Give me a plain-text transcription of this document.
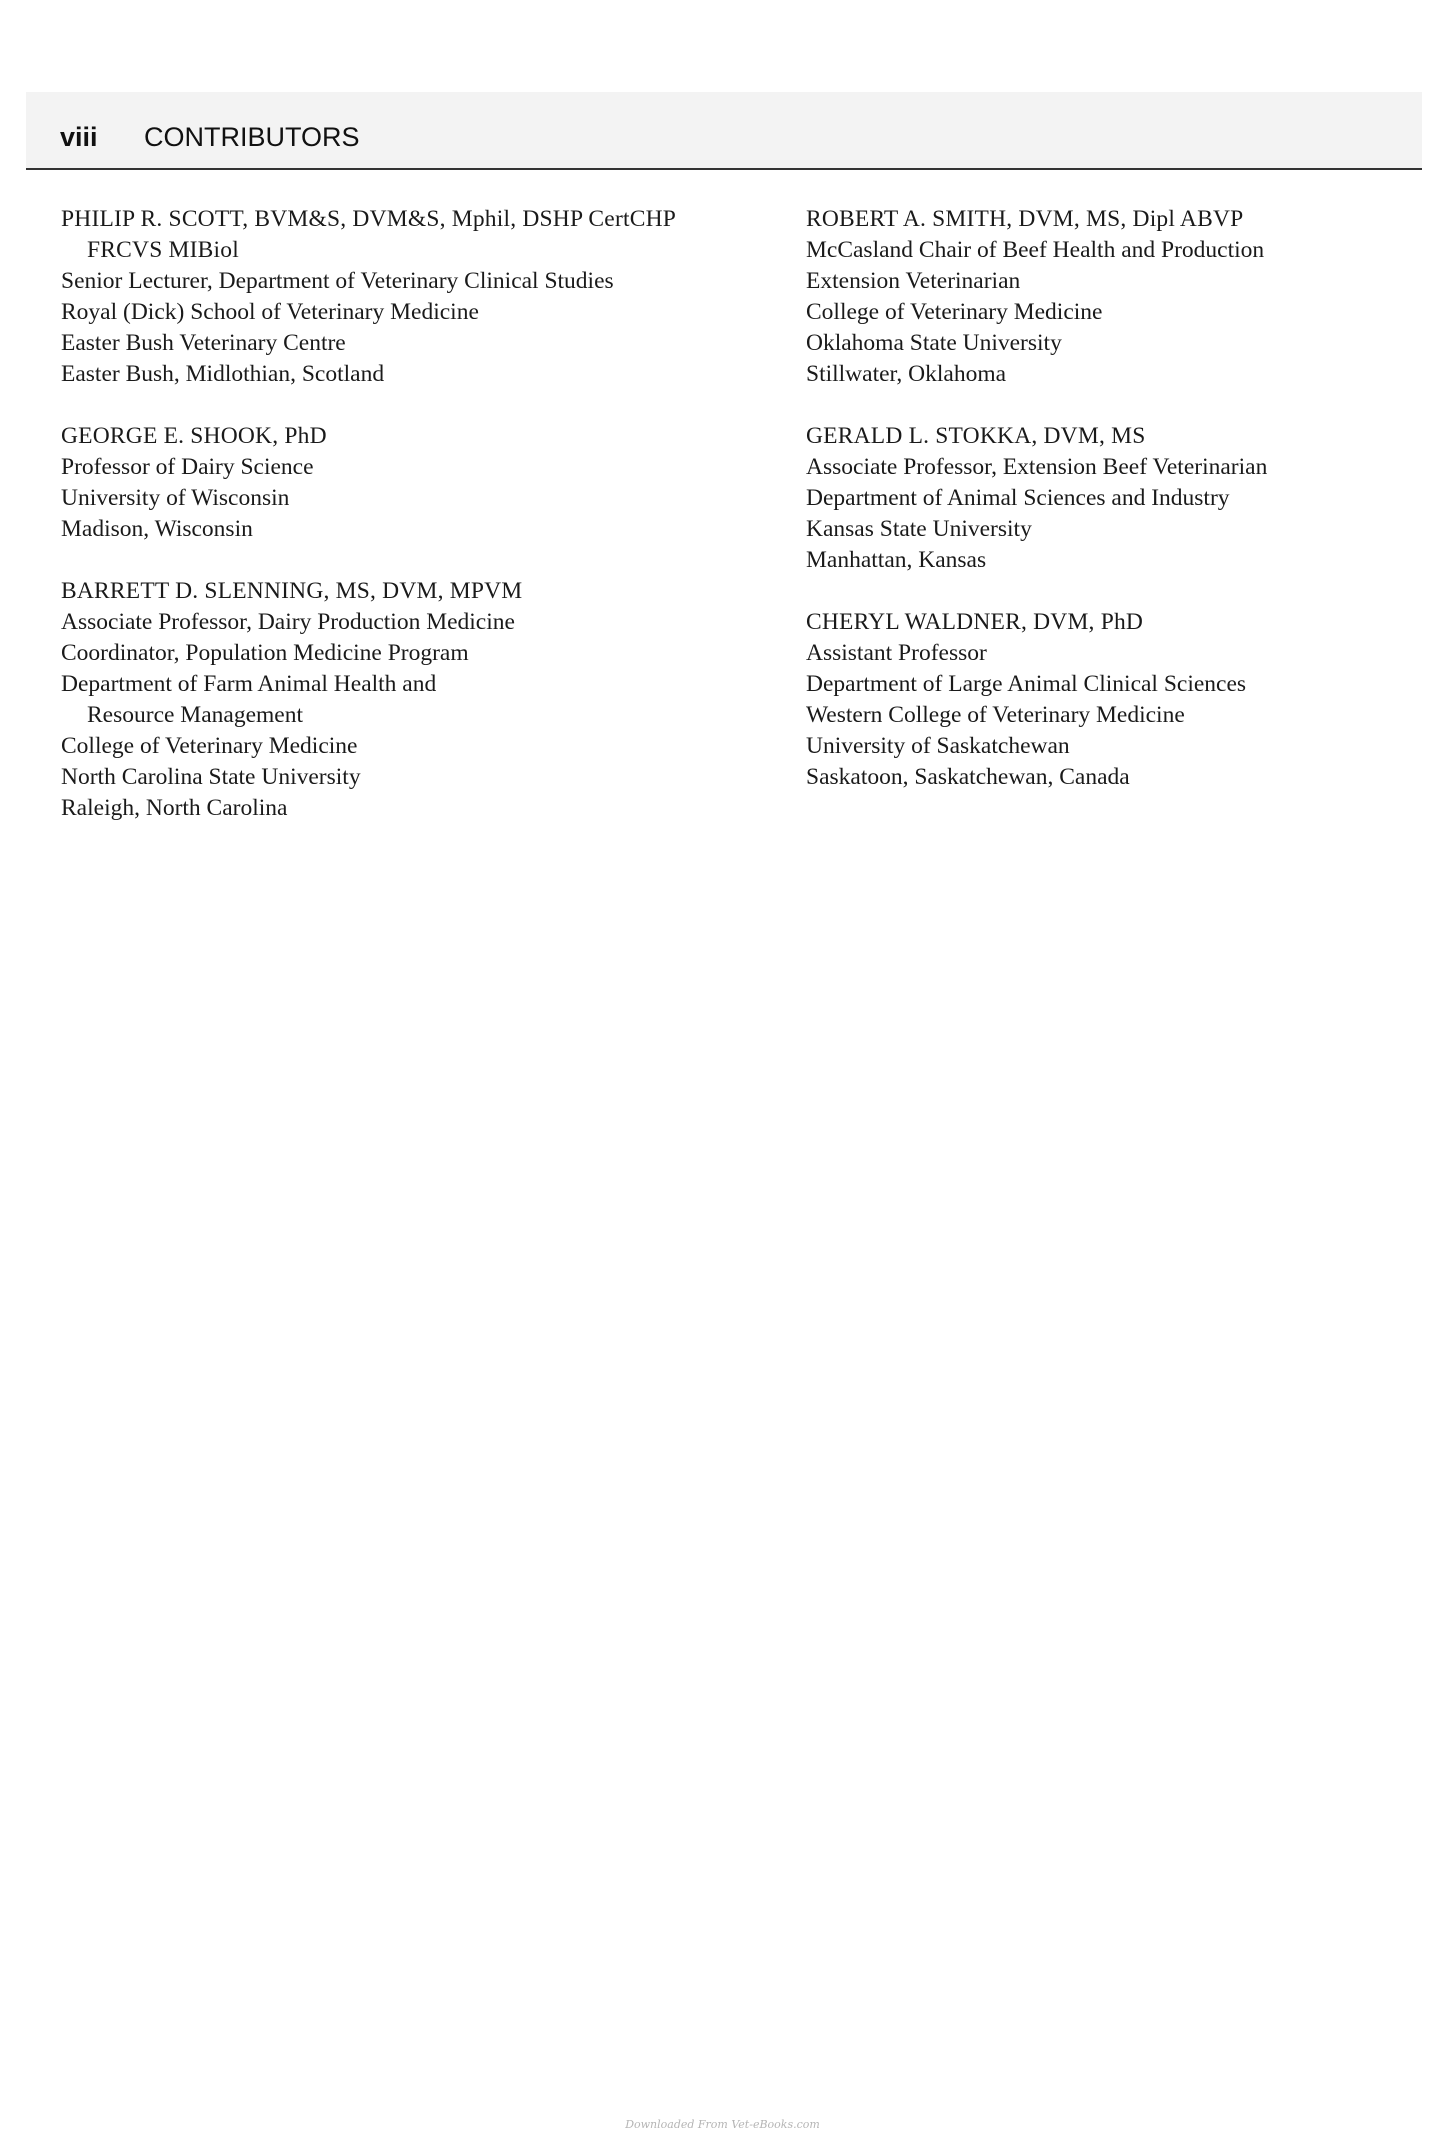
viii CONTRIBUTORS
PHILIP R. SCOTT, BVM&S, DVM&S, Mphil, DSHP CertCHP FRCVS MIBiol
Senior Lecturer, Department of Veterinary Clinical Studies
Royal (Dick) School of Veterinary Medicine
Easter Bush Veterinary Centre
Easter Bush, Midlothian, Scotland
GEORGE E. SHOOK, PhD
Professor of Dairy Science
University of Wisconsin
Madison, Wisconsin
BARRETT D. SLENNING, MS, DVM, MPVM
Associate Professor, Dairy Production Medicine
Coordinator, Population Medicine Program
Department of Farm Animal Health and
Resource Management
College of Veterinary Medicine
North Carolina State University
Raleigh, North Carolina
ROBERT A. SMITH, DVM, MS, Dipl ABVP
McCasland Chair of Beef Health and Production
Extension Veterinarian
College of Veterinary Medicine
Oklahoma State University
Stillwater, Oklahoma
GERALD L. STOKKA, DVM, MS
Associate Professor, Extension Beef Veterinarian
Department of Animal Sciences and Industry
Kansas State University
Manhattan, Kansas
CHERYL WALDNER, DVM, PhD
Assistant Professor
Department of Large Animal Clinical Sciences
Western College of Veterinary Medicine
University of Saskatchewan
Saskatoon, Saskatchewan, Canada
Downloaded From Vet-eBooks.com
